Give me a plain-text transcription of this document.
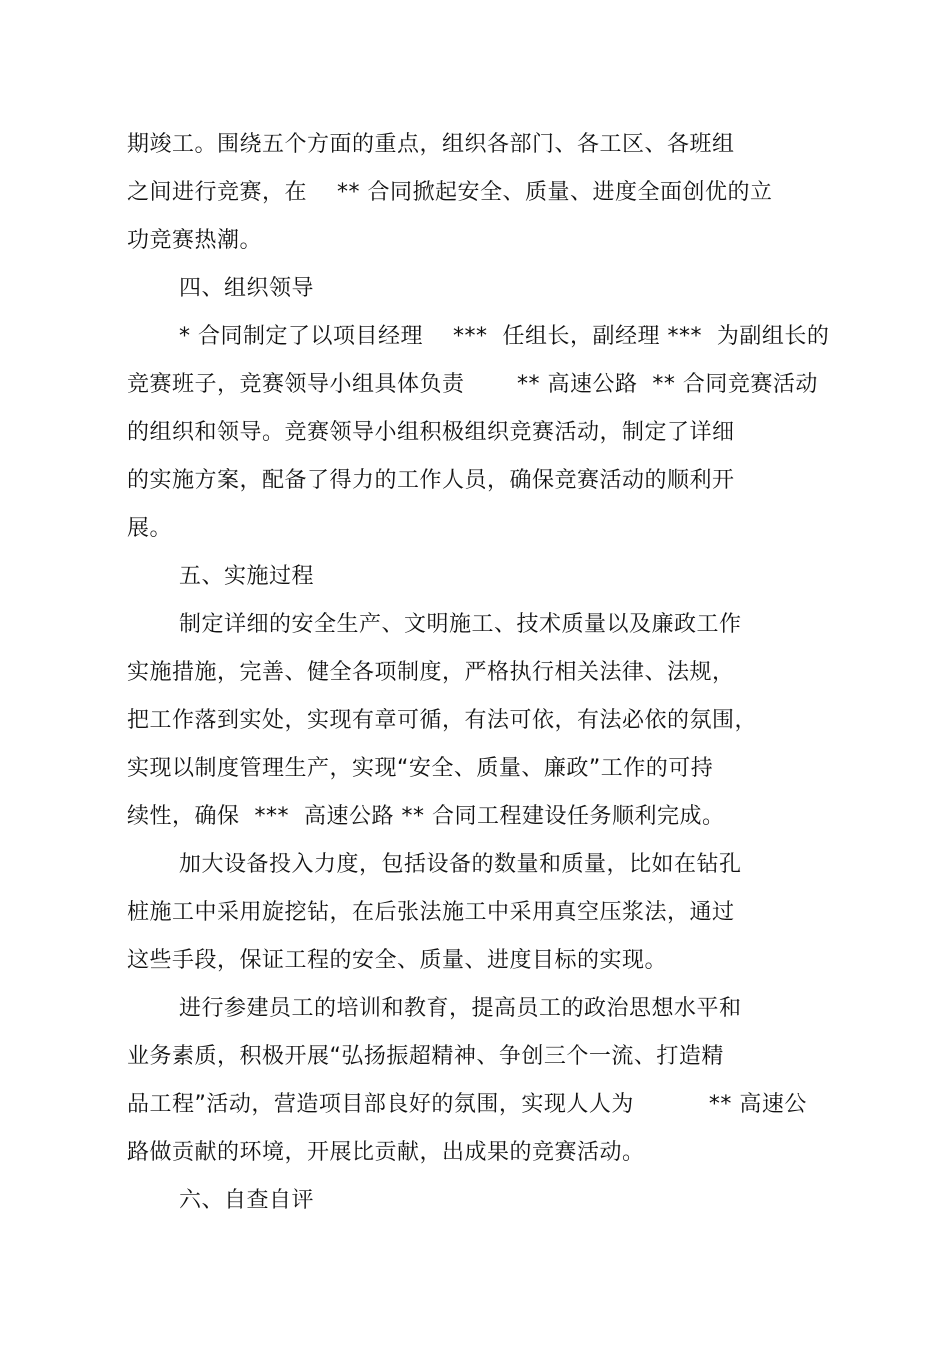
期竣工。围绕五个方面的重点，组织各部门、各工区、各班组
之间进行竞赛，在    ** 合同掀起安全、质量、进度全面创优的立
功竞赛热潮。
四、组织领导
* 合同制定了以项目经理    ***  任组长，副经理 ***  为副组长的
竞赛班子，竞赛领导小组具体负责       ** 高速公路  ** 合同竞赛活动
的组织和领导。竞赛领导小组积极组织竞赛活动，制定了详细
的实施方案，配备了得力的工作人员，确保竞赛活动的顺利开
展。
五、实施过程
制定详细的安全生产、文明施工、技术质量以及廉政工作
实施措施，完善、健全各项制度，严格执行相关法律、法规，
把工作落到实处，实现有章可循，有法可依，有法必依的氛围，
实现以制度管理生产，实现“安全、质量、廉政”工作的可持
续性，确保  ***  高速公路 ** 合同工程建设任务顺利完成。
加大设备投入力度，包括设备的数量和质量，比如在钻孔
桩施工中采用旋挖钻，在后张法施工中采用真空压浆法，通过
这些手段，保证工程的安全、质量、进度目标的实现。
进行参建员工的培训和教育，提高员工的政治思想水平和
业务素质，积极开展“弘扬振超精神、争创三个一流、打造精
品工程”活动，营造项目部良好的氛围，实现人人为          ** 高速公
路做贡献的环境，开展比贡献，出成果的竞赛活动。
六、自查自评
